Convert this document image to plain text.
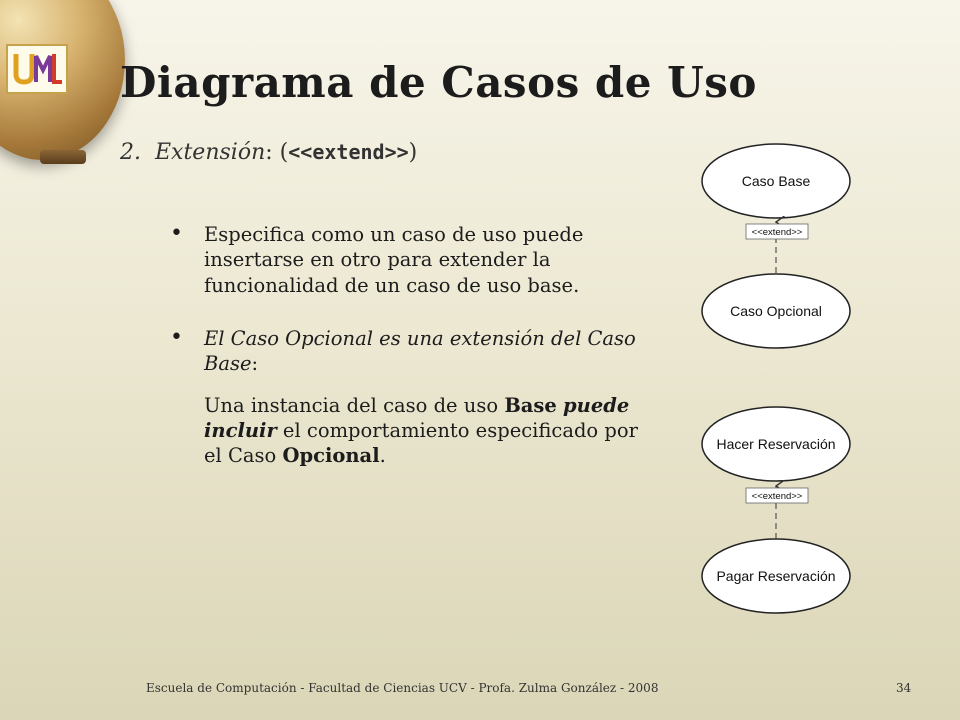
Diagrama de Casos de Uso
2. Extensión: (<<extend>>)
• Especifica como un caso de uso puede insertarse en otro para extender la funcionalidad de un caso de uso base.
• El Caso Opcional es una extensión del Caso Base:
Una instancia del caso de uso Base puede incluir el comportamiento especificado por el Caso Opcional.
Caso Base
<<extend>>
Caso Opcional
Hacer Reservación
<<extend>>
Pagar Reservación
Escuela de Computación - Facultad de Ciencias UCV - Profa. Zulma González - 2008	34
